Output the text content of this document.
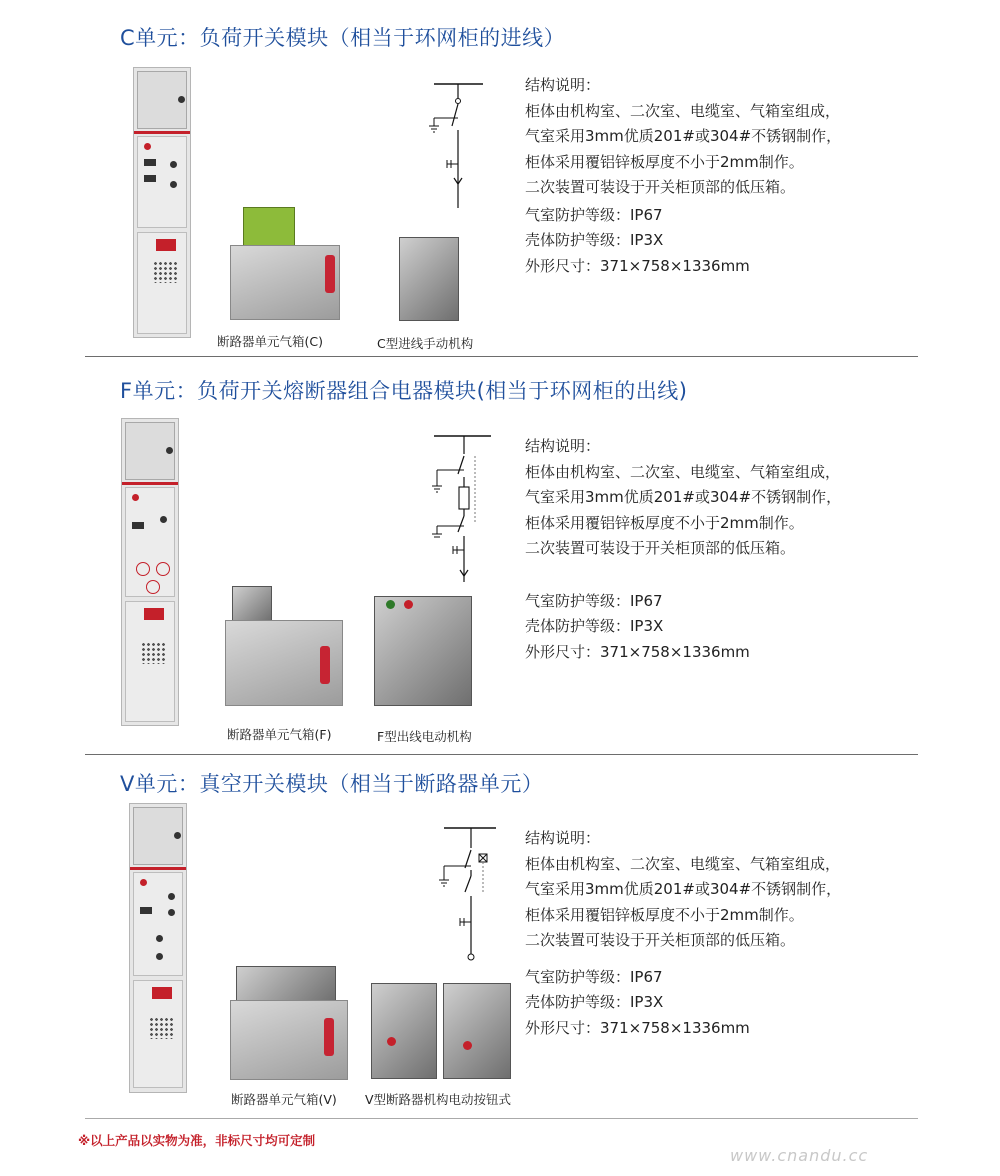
C单元：负荷开关模块（相当于环网柜的进线）
断路器单元气箱(C)	C型进线手动机构
结构说明：
柜体由机构室、二次室、电缆室、气箱室组成，
气室采用3mm优质201#或304#不锈钢制作，
柜体采用覆铝锌板厚度不小于2mm制作。
二次装置可装设于开关柜顶部的低压箱。
气室防护等级：IP67
壳体防护等级：IP3X
外形尺寸：371×758×1336mm
F单元：负荷开关熔断器组合电器模块(相当于环网柜的出线)
断路器单元气箱(F)	F型出线电动机构
结构说明：
柜体由机构室、二次室、电缆室、气箱室组成，
气室采用3mm优质201#或304#不锈钢制作，
柜体采用覆铝锌板厚度不小于2mm制作。
二次装置可装设于开关柜顶部的低压箱。
气室防护等级：IP67
壳体防护等级：IP3X
外形尺寸：371×758×1336mm
V单元：真空开关模块（相当于断路器单元）
断路器单元气箱(V) V型断路器机构电动按钮式
结构说明：
柜体由机构室、二次室、电缆室、气箱室组成，
气室采用3mm优质201#或304#不锈钢制作，
柜体采用覆铝锌板厚度不小于2mm制作。
二次装置可装设于开关柜顶部的低压箱。
气室防护等级：IP67
壳体防护等级：IP3X
外形尺寸：371×758×1336mm
※以上产品以实物为准，非标尺寸均可定制
www.cnandu.cc
